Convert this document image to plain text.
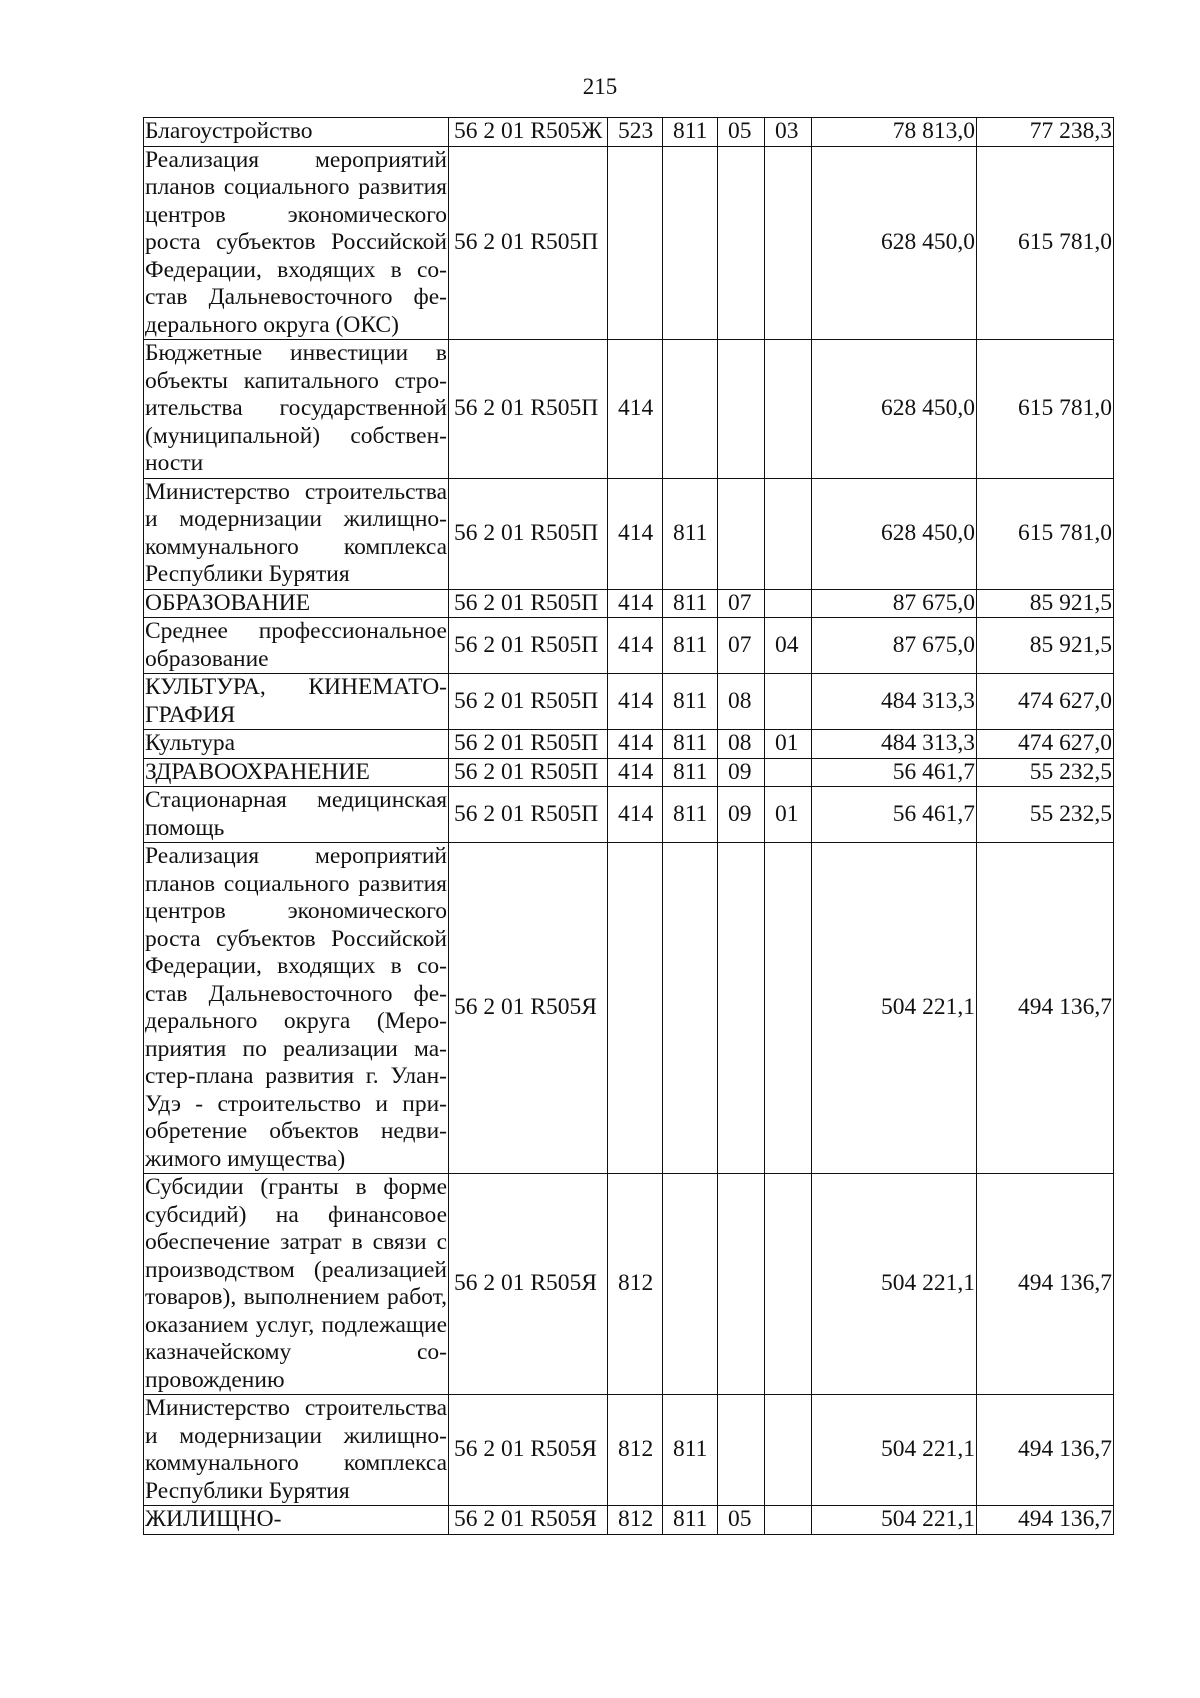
215
Благоустройство	56 2 01 R505Ж	523	811	05	03	78 813,0	77 238,3
Реализация мероприятий планов социального развития центров экономического роста субъектов Российской Федерации, входящих в состав Дальневосточного федерального округа (ОКС)	56 2 01 R505П					628 450,0	615 781,0
Бюджетные инвестиции в объекты капитального строительства государственной (муниципальной) собственности	56 2 01 R505П	414				628 450,0	615 781,0
Министерство строительства и модернизации жилищно-коммунального комплекса Республики Бурятия	56 2 01 R505П	414	811			628 450,0	615 781,0
ОБРАЗОВАНИЕ	56 2 01 R505П	414	811	07		87 675,0	85 921,5
Среднее профессиональное образование	56 2 01 R505П	414	811	07	04	87 675,0	85 921,5
КУЛЬТУРА, КИНЕМАТОГРАФИЯ	56 2 01 R505П	414	811	08		484 313,3	474 627,0
Культура	56 2 01 R505П	414	811	08	01	484 313,3	474 627,0
ЗДРАВООХРАНЕНИЕ	56 2 01 R505П	414	811	09		56 461,7	55 232,5
Стационарная медицинская помощь	56 2 01 R505П	414	811	09	01	56 461,7	55 232,5
Реализация мероприятий планов социального развития центров экономического роста субъектов Российской Федерации, входящих в состав Дальневосточного федерального округа (Мероприятия по реализации мастер-плана развития г. Улан-Удэ - строительство и приобретение объектов недвижимого имущества)	56 2 01 R505Я					504 221,1	494 136,7
Субсидии (гранты в форме субсидий) на финансовое обеспечение затрат в связи с производством (реализацией товаров), выполнением работ, оказанием услуг, подлежащие казначейскому сопровождению	56 2 01 R505Я	812				504 221,1	494 136,7
Министерство строительства и модернизации жилищно-коммунального комплекса Республики Бурятия	56 2 01 R505Я	812	811			504 221,1	494 136,7
ЖИЛИЩНО-	56 2 01 R505Я	812	811	05		504 221,1	494 136,7
